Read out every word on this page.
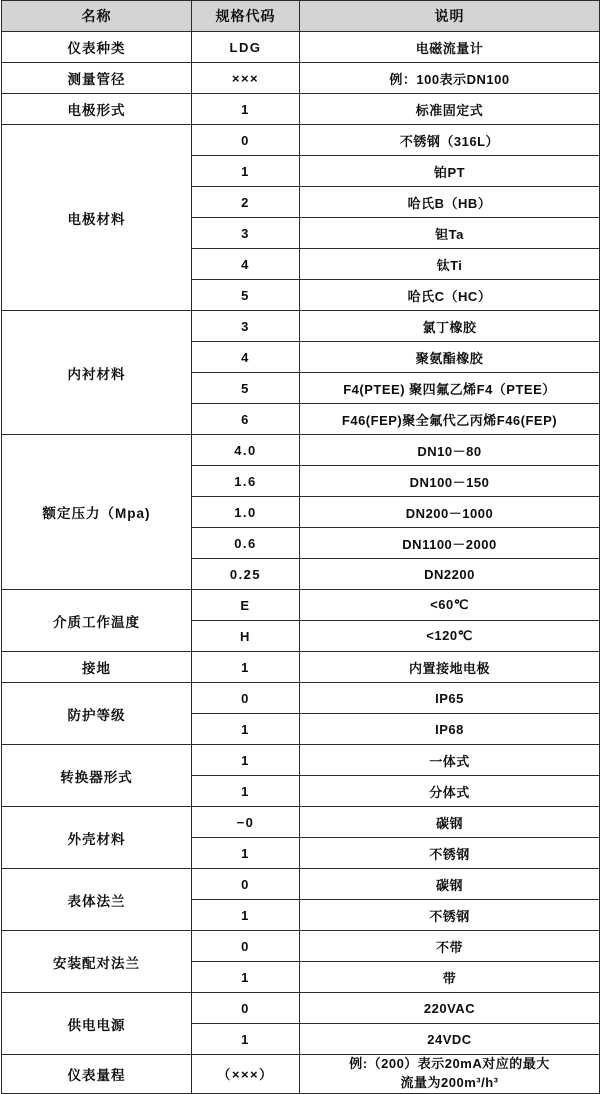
名称	规格代码	说明
仪表种类	LDG	电磁流量计
测量管径	×××	例：100表示DN100
电极形式	1	标准固定式
电极材料	0	不锈钢（316L）
	1	铂PT
	2	哈氏B（HB）
	3	钽Ta
	4	钛Ti
	5	哈氏C（HC）
内衬材料	3	氯丁橡胶
	4	聚氨酯橡胶
	5	F4(PTEE) 聚四氟乙烯F4（PTEE）
	6	F46(FEP)聚全氟代乙丙烯F46(FEP)
额定压力（Mpa)	4.0	DN10－80
	1.6	DN100－150
	1.0	DN200－1000
	0.6	DN1100－2000
	0.25	DN2200
介质工作温度	E	<60℃
	H	<120℃
接地	1	内置接地电极
防护等级	0	IP65
	1	IP68
转换器形式	1	一体式
	1	分体式
外壳材料	−0	碳钢
	1	不锈钢
表体法兰	0	碳钢
	1	不锈钢
安装配对法兰	0	不带
	1	带
供电电源	0	220VAC
	1	24VDC
仪表量程	（×××）	例:（200）表示20mA对应的最大
流量为200m³/h³
